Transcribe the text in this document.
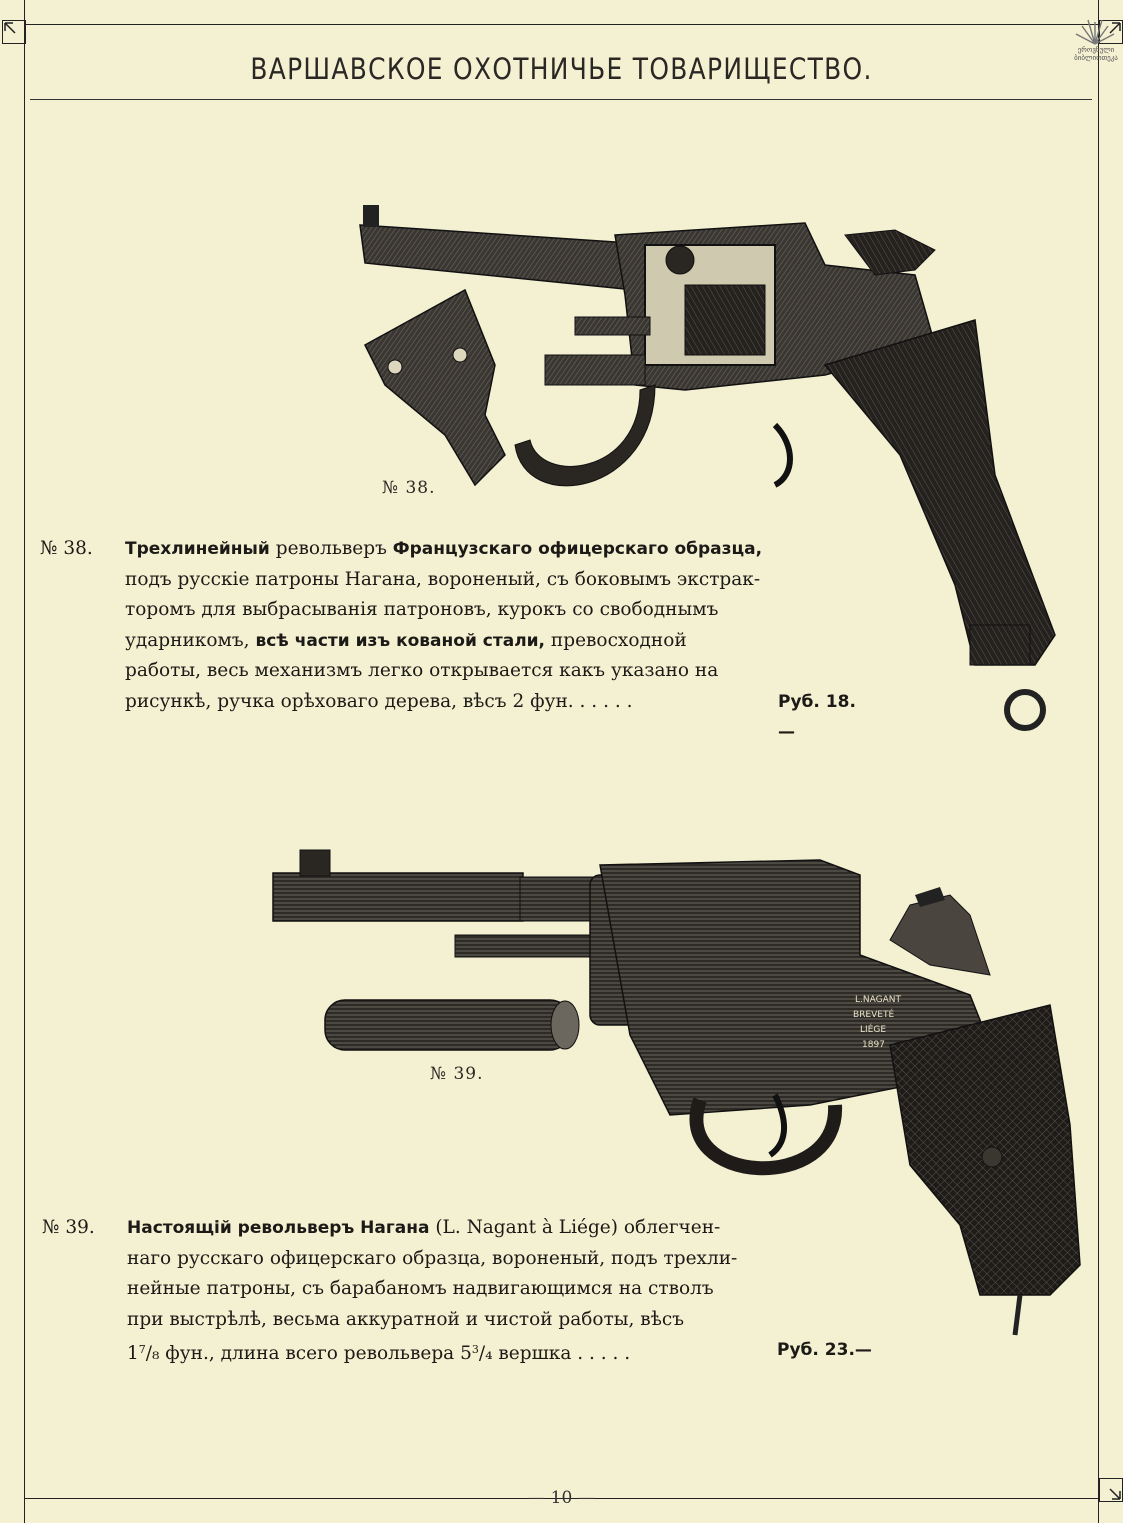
ეროვნული ბიბლიოთეკა
ВАРШАВСКОЕ ОХОТНИЧЬЕ ТОВАРИЩЕСТВО.
№ 38.
№ 38. Трехлинейный револьверъ Французскаго офицерскаго образца,
подъ русскіе патроны Нагана, вороненый, съ боковымъ экстрак-
торомъ для выбрасыванія патроновъ, курокъ со свободнымъ
ударникомъ, всѣ части изъ кованой стали, превосходной
работы, весь механизмъ легко открывается какъ указано на
рисункѣ, ручка орѣховаго дерева, вѣсъ 2 фун. . . . . .	Руб. 18.—
L.NAGANT
BREVETÉ
LIÉGE
1897
№ 39.
№ 39. Настоящій револьверъ Нагана (L. Nagant à Liége) облегчен-
наго русскаго офицерскаго образца, вороненый, подъ трехли-
нейные патроны, съ барабаномъ надвигающимся на стволъ
при выстрѣлѣ, весьма аккуратной и чистой работы, вѣсъ
$1^7/_8$ фун., длина всего револьвера $5^3/_4$ вершка . . . . .	Руб. 23.—
— 10 —
